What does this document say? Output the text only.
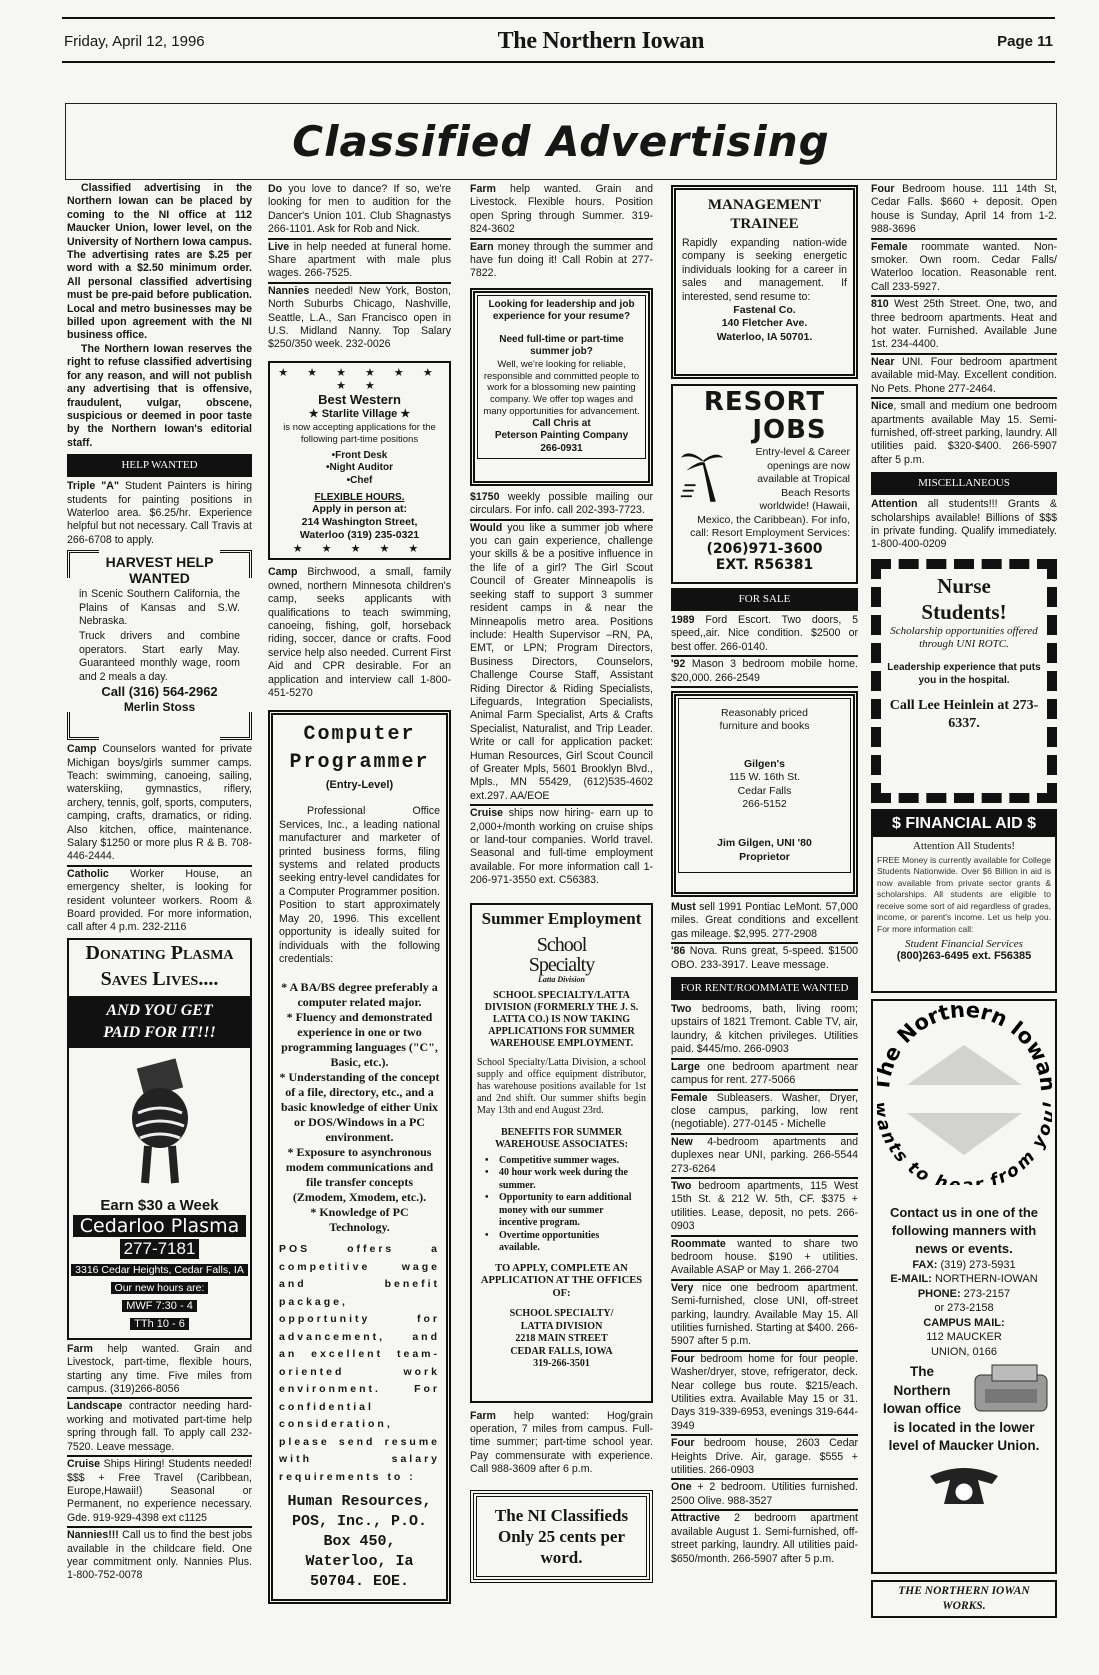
Friday, April 12, 1996	The Northern Iowan	Page 11
Classified Advertising

Classified advertising in the Northern Iowan can be placed by coming to the NI office at 112 Maucker Union, lower level, on the University of Northern Iowa campus. The advertising rates are $.25 per word with a $2.50 minimum order. All personal classified advertising must be pre-paid before publication. Local and metro businesses may be billed upon agreement with the NI business office.

The Northern Iowan reserves the right to refuse classified advertising for any reason, and will not publish any advertising that is offensive, fraudulent, vulgar, obscene, suspicious or deemed in poor taste by the Northern Iowan's editorial staff.

HELP WANTED

Triple "A" Student Painters is hiring students for painting positions in Waterloo area. $6.25/hr. Experience helpful but not necessary. Call Travis at 266-6708 to apply.

HARVEST HELP
WANTED
in Scenic Southern California, the Plains of Kansas and S.W. Nebraska.
Truck drivers and combine operators. Start early May. Guaranteed monthly wage, room and 2 meals a day.
Call (316) 564-2962
Merlin Stoss

Camp Counselors wanted for private Michigan boys/girls summer camps. Teach: swimming, canoeing, sailing, waterskiing, gymnastics, riflery, archery, tennis, golf, sports, computers, camping, crafts, dramatics, or riding. Also kitchen, office, maintenance. Salary $1250 or more plus R & B. 708-446-2444.

Catholic Worker House, an emergency shelter, is looking for resident volunteer workers. Room & Board provided. For more information, call after 4 p.m. 232-2116

Donating Plasma
Saves Lives....
AND YOU GET
PAID FOR IT!!!
Earn $30 a Week
Cedarloo Plasma
277-7181
3316 Cedar Heights, Cedar Falls, IA
Our new hours are:
MWF 7:30 - 4
TTh 10 - 6

Farm help wanted. Grain and Livestock, part-time, flexible hours, starting any time. Five miles from campus. (319)266-8056

Landscape contractor needing hard-working and motivated part-time help spring through fall. To apply call 232-7520. Leave message.

Cruise Ships Hiring! Students needed! $$$ + Free Travel (Caribbean, Europe,Hawaii!) Seasonal or Permanent, no experience necessary. Gde. 919-929-4398 ext c1125

Nannies!!! Call us to find the best jobs available in the childcare field. One year commitment only. Nannies Plus. 1-800-752-0078

Do you love to dance? If so, we're looking for men to audition for the Dancer's Union 101. Club Shagnastys 266-1101. Ask for Rob and Nick.

Live in help needed at funeral home. Share apartment with male plus wages. 266-7525.

Nannies needed! New York, Boston, North Suburbs Chicago, Nashville, Seattle, L.A., San Francisco open in U.S. Midland Nanny. Top Salary $250/350 week. 232-0026

★ ★ ★ ★ ★ ★ ★ ★
Best Western
★ Starlite Village ★
is now accepting applications for the following part-time positions
•Front Desk
•Night Auditor
•Chef
FLEXIBLE HOURS.
Apply in person at:
214 Washington Street,
Waterloo (319) 235-0321
★ ★ ★ ★ ★

Camp Birchwood, a small, family owned, northern Minnesota children's camp, seeks applicants with qualifications to teach swimming, canoeing, fishing, golf, horseback riding, soccer, dance or crafts. Food service help also needed. Current First Aid and CPR desirable. For an application and interview call 1-800-451-5270

Computer
Programmer
(Entry-Level)
Professional Office Services, Inc., a leading national manufacturer and marketer of printed business forms, filing systems and related products seeking entry-level candidates for a Computer Programmer position. Position to start approximately May 20, 1996. This excellent opportunity is ideally suited for individuals with the following credentials:
* A BA/BS degree preferably a computer related major.
* Fluency and demonstrated experience in one or two programming languages ("C", Basic, etc.).
* Understanding of the concept of a file, directory, etc., and a basic knowledge of either Unix or DOS/Windows in a PC environment.
* Exposure to asynchronous modem communications and file transfer concepts (Zmodem, Xmodem, etc.).
* Knowledge of PC Technology.
POS offers a competitive wage and benefit package, opportunity for advancement, and an excellent team-oriented work environment. For confidential consideration, please send resume with salary requirements to :
Human Resources, POS, Inc., P.O. Box 450, Waterloo, Ia 50704. EOE.

Farm help wanted. Grain and Livestock. Flexible hours. Position open Spring through Summer. 319-824-3602

Earn money through the summer and have fun doing it! Call Robin at 277-7822.

Looking for leadership and job experience for your resume?
Need full-time or part-time summer job?
Well, we're looking for reliable, responsible and committed people to work for a blossoming new painting company. We offer top wages and many opportunities for advancement.
Call Chris at
Peterson Painting Company
266-0931

$1750 weekly possible mailing our circulars. For info. call 202-393-7723.

Would you like a summer job where you can gain experience, challenge your skills & be a positive influence in the life of a girl? The Girl Scout Council of Greater Minneapolis is seeking staff to support 3 summer resident camps in & near the Minneapolis metro area. Positions include: Health Supervisor –RN, PA, EMT, or LPN; Program Directors, Business Directors, Counselors, Challenge Course Staff, Assistant Riding Director & Riding Specialists, Lifeguards, Integration Specialists, Animal Farm Specialist, Arts & Crafts Specialist, Naturalist, and Trip Leader. Write or call for application packet: Human Resources, Girl Scout Council of Greater Mpls, 5601 Brooklyn Blvd., Mpls., MN 55429, (612)535-4602 ext.297. AA/EOE

Cruise ships now hiring- earn up to 2,000+/month working on cruise ships or land-tour companies. World travel. Seasonal and full-time employment available. For more information call 1-206-971-3550 ext. C56383.

Summer Employment
School
Specialty
Latta Division
SCHOOL SPECIALTY/LATTA DIVISION (FORMERLY THE J. S. LATTA CO.) IS NOW TAKING APPLICATIONS FOR SUMMER WAREHOUSE EMPLOYMENT.
School Specialty/Latta Division, a school supply and office equipment distributor, has warehouse positions available for 1st and 2nd shift. Our summer shifts begin May 13th and end August 23rd.
BENEFITS FOR SUMMER WAREHOUSE ASSOCIATES:
• Competitive summer wages.
• 40 hour work week during the summer.
• Opportunity to earn additional money with our summer incentive program.
• Overtime opportunities available.
TO APPLY, COMPLETE AN APPLICATION AT THE OFFICES OF:
SCHOOL SPECIALTY/
LATTA DIVISION
2218 MAIN STREET
CEDAR FALLS, IOWA
319-266-3501

Farm help wanted: Hog/grain operation, 7 miles from campus. Full-time summer; part-time school year. Pay commensurate with experience. Call 988-3609 after 6 p.m.

The NI Classifieds Only 25 cents per word.
MANAGEMENT
TRAINEE
Rapidly expanding nation-wide company is seeking energetic individuals looking for a career in sales and management. If interested, send resume to:
Fastenal Co.
140 Fletcher Ave.
Waterloo, IA 50701.
RESORT
JOBS
Entry-level & Career openings are now available at Tropical Beach Resorts worldwide! (Hawaii, Mexico, the Caribbean). For info, call: Resort Employment Services:
(206)971-3600
EXT. R56381
FOR SALE

1989 Ford Escort. Two doors, 5 speed,,air. Nice condition. $2500 or best offer. 266-0140.

'92 Mason 3 bedroom mobile home. $20,000. 266-2549

Reasonably priced furniture and books
Gilgen's
115 W. 16th St.
Cedar Falls
266-5152
Jim Gilgen, UNI '80
Proprietor

Must sell 1991 Pontiac LeMont. 57,000 miles. Great conditions and excellent gas mileage. $2,995. 277-2908

'86 Nova. Runs great, 5-speed. $1500 OBO. 233-3917. Leave message.

FOR RENT/ROOMMATE WANTED

Two bedrooms, bath, living room; upstairs of 1821 Tremont. Cable TV, air, laundry, & kitchen privileges. Utilities paid. $445/mo. 266-0903

Large one bedroom apartment near campus for rent. 277-5066

Female Subleasers. Washer, Dryer, close campus, parking, low rent (negotiable). 277-0145 - Michelle

New 4-bedroom apartments and duplexes near UNI, parking. 266-5544 273-6264

Two bedroom apartments, 115 West 15th St. & 212 W. 5th, CF. $375 + utilities. Lease, deposit, no pets. 266-0903

Roommate wanted to share two bedroom house. $190 + utilities. Available ASAP or May 1. 266-2704

Very nice one bedroom apartment. Semi-furnished, close UNI, off-street parking, laundry. Available May 15. All utilities furnished. Starting at $400. 266-5907 after 5 p.m.

Four bedroom home for four people. Washer/dryer, stove, refrigerator, deck. Near college bus route. $215/each. Utilities extra. Available May 15 or 31. Days 319-339-6953, evenings 319-644-3949

Four bedroom house, 2603 Cedar Heights Drive. Air, garage. $555 + utilities. 266-0903

One + 2 bedroom. Utilities furnished. 2500 Olive. 988-3527

Attractive 2 bedroom apartment available August 1. Semi-furnished, off-street parking, laundry. All utilities paid- $650/month. 266-5907 after 5 p.m.

Four Bedroom house. 111 14th St, Cedar Falls. $660 + deposit. Open house is Sunday, April 14 from 1-2. 988-3696

Female roommate wanted. Non-smoker. Own room. Cedar Falls/ Waterloo location. Reasonable rent. Call 233-5927.

810 West 25th Street. One, two, and three bedroom apartments. Heat and hot water. Furnished. Available June 1st. 234-4400.

Near UNI. Four bedroom apartment available mid-May. Excellent condition. No Pets. Phone 277-2464.

Nice, small and medium one bedroom apartments available May 15. Semi-furnished, off-street parking, laundry. All utilities paid. $320-$400. 266-5907 after 5 p.m.

MISCELLANEOUS

Attention all students!!! Grants & scholarships available! Billions of $$$ in private funding. Qualify immediately. 1-800-400-0209

Nurse
Students!
Scholarship opportunities offered through UNI ROTC.
Leadership experience that puts you in the hospital.
Call Lee Heinlein at 273-6337.
$ FINANCIAL AID $
Attention All Students!
FREE Money is currently available for College Students Nationwide. Over $6 Billion in aid is now available from private sector grants & scholarships. All students are eligible to receive some sort of aid regardless of grades, income, or parent's income. Let us help you. For more information call:
Student Financial Services
(800)263-6495 ext. F56385
e Northern Iow
nts to h r from y
Contact us in one of the following manners with news or events.
FAX: (319) 273-5931
E-MAIL: NORTHERN-IOWAN
PHONE: 273-2157
or 273-2158
CAMPUS MAIL:
112 MAUCKER
UNION, 0166
The Northern Iowan office is located in the lower level of Maucker Union.
THE NORTHERN IOWAN WORKS.
